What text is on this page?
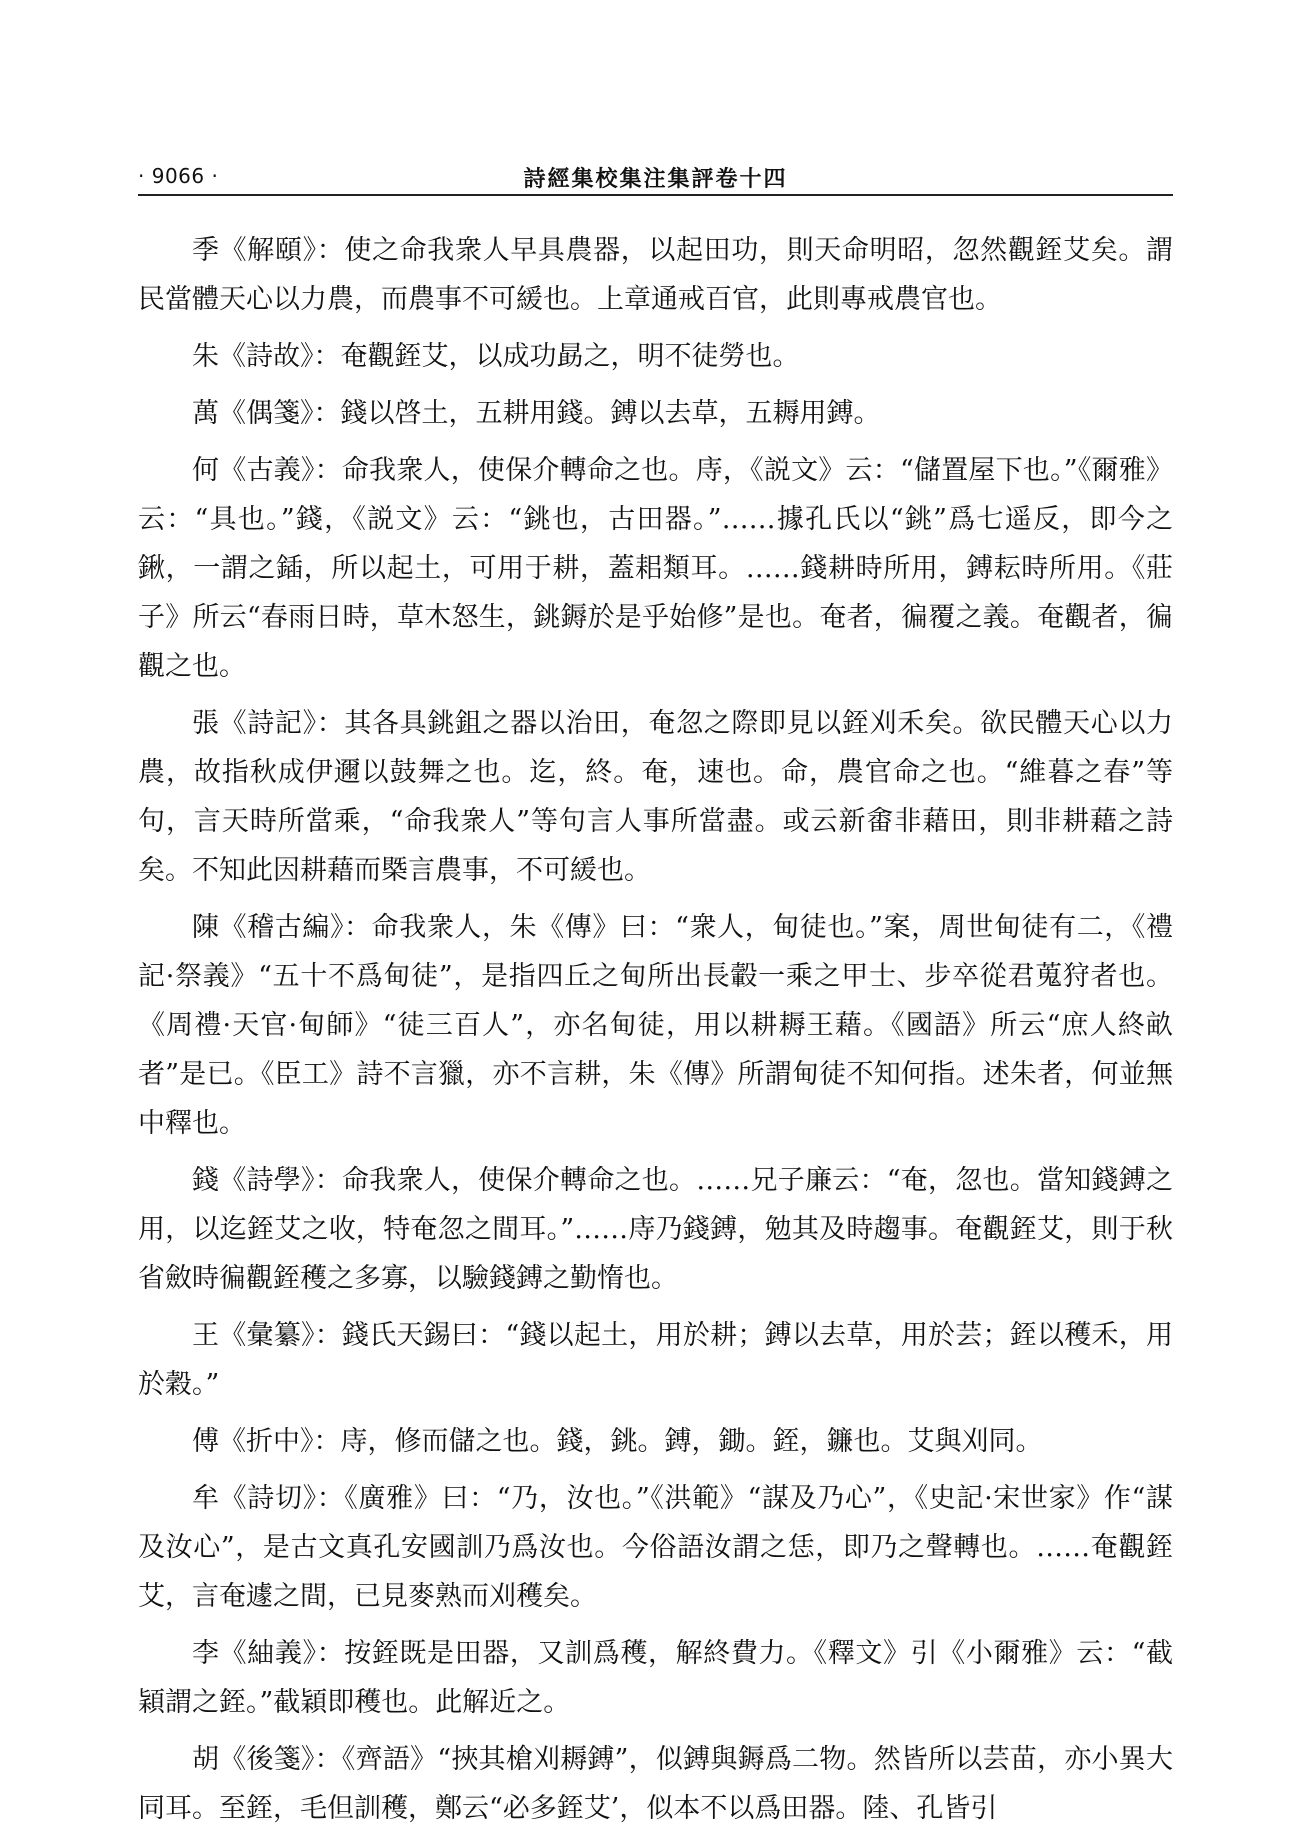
· 9066 ·	詩經集校集注集評卷十四

季《解頤》：使之命我衆人早具農器，以起田功，則天命明昭，忽然觀銍艾矣。謂民當體天心以力農，而農事不可緩也。上章通戒百官，此則專戒農官也。

朱《詩故》：奄觀銍艾，以成功勗之，明不徒勞也。

萬《偶箋》：錢以啓土，五耕用錢。鎛以去草，五耨用鎛。

何《古義》：命我衆人，使保介轉命之也。庤，《説文》云：“儲置屋下也。”《爾雅》云：“具也。”錢，《説文》云：“銚也，古田器。”……據孔氏以“銚”爲七遥反，即今之鍬，一謂之鍤，所以起土，可用于耕，蓋耜類耳。……錢耕時所用，鎛耘時所用。《莊子》所云“春雨日時，草木怒生，銚鎒於是乎始修”是也。奄者，徧覆之義。奄觀者，徧觀之也。

張《詩記》：其各具銚鉏之器以治田，奄忽之際即見以銍刈禾矣。欲民體天心以力農，故指秋成伊邇以鼓舞之也。迄，終。奄，速也。命，農官命之也。“維暮之春”等句，言天時所當乘，“命我衆人”等句言人事所當盡。或云新畬非藉田，則非耕藉之詩矣。不知此因耕藉而槩言農事，不可緩也。

陳《稽古編》：命我衆人，朱《傳》曰：“衆人，甸徒也。”案，周世甸徒有二，《禮記·祭義》“五十不爲甸徒”，是指四丘之甸所出長轂一乘之甲士、步卒從君蒐狩者也。《周禮·天官·甸師》“徒三百人”，亦名甸徒，用以耕耨王藉。《國語》所云“庶人終畝者”是已。《臣工》詩不言獵，亦不言耕，朱《傳》所謂甸徒不知何指。述朱者，何並無中釋也。

錢《詩學》：命我衆人，使保介轉命之也。……兄子廉云：“奄，忽也。當知錢鎛之用，以迄銍艾之收，特奄忽之間耳。”……庤乃錢鎛，勉其及時趨事。奄觀銍艾，則于秋省斂時徧觀銍穫之多寡，以驗錢鎛之勤惰也。

王《彙纂》：錢氏天錫曰：“錢以起土，用於耕；鎛以去草，用於芸；銍以穫禾，用於穀。”

傅《折中》：庤，修而儲之也。錢，銚。鎛，鋤。銍，鐮也。艾與刈同。

牟《詩切》：《廣雅》曰：“乃，汝也。”《洪範》“謀及乃心”，《史記·宋世家》作“謀及汝心”，是古文真孔安國訓乃爲汝也。今俗語汝謂之恁，即乃之聲轉也。……奄觀銍艾，言奄遽之間，已見麥熟而刈穫矣。

李《紬義》：按銍既是田器，又訓爲穫，解終費力。《釋文》引《小爾雅》云：“截穎謂之銍。”截穎即穫也。此解近之。

胡《後箋》：《齊語》“挾其槍刈耨鎛”，似鎛與鎒爲二物。然皆所以芸苗，亦小異大同耳。至銍，毛但訓穫，鄭云“必多銍艾’，似本不以爲田器。陸、孔皆引
